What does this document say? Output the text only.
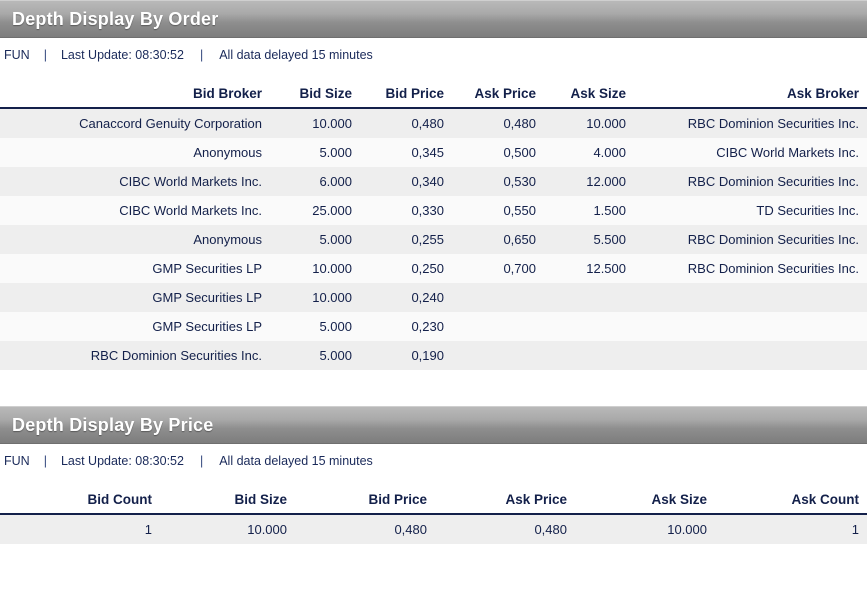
Depth Display By Order
FUN	|	Last Update: 08:30:52	|	All data delayed 15 minutes
Bid Broker	Bid Size	Bid Price	Ask Price	Ask Size	Ask Broker
Canaccord Genuity Corporation	10.000	0,480	0,480	10.000	RBC Dominion Securities Inc.
Anonymous	5.000	0,345	0,500	4.000	CIBC World Markets Inc.
CIBC World Markets Inc.	6.000	0,340	0,530	12.000	RBC Dominion Securities Inc.
CIBC World Markets Inc.	25.000	0,330	0,550	1.500	TD Securities Inc.
Anonymous	5.000	0,255	0,650	5.500	RBC Dominion Securities Inc.
GMP Securities LP	10.000	0,250	0,700	12.500	RBC Dominion Securities Inc.
GMP Securities LP	10.000	0,240			
GMP Securities LP	5.000	0,230			
RBC Dominion Securities Inc.	5.000	0,190			
Depth Display By Price
FUN	|	Last Update: 08:30:52	|	All data delayed 15 minutes
Bid Count	Bid Size	Bid Price	Ask Price	Ask Size	Ask Count
1	10.000	0,480	0,480	10.000	1
